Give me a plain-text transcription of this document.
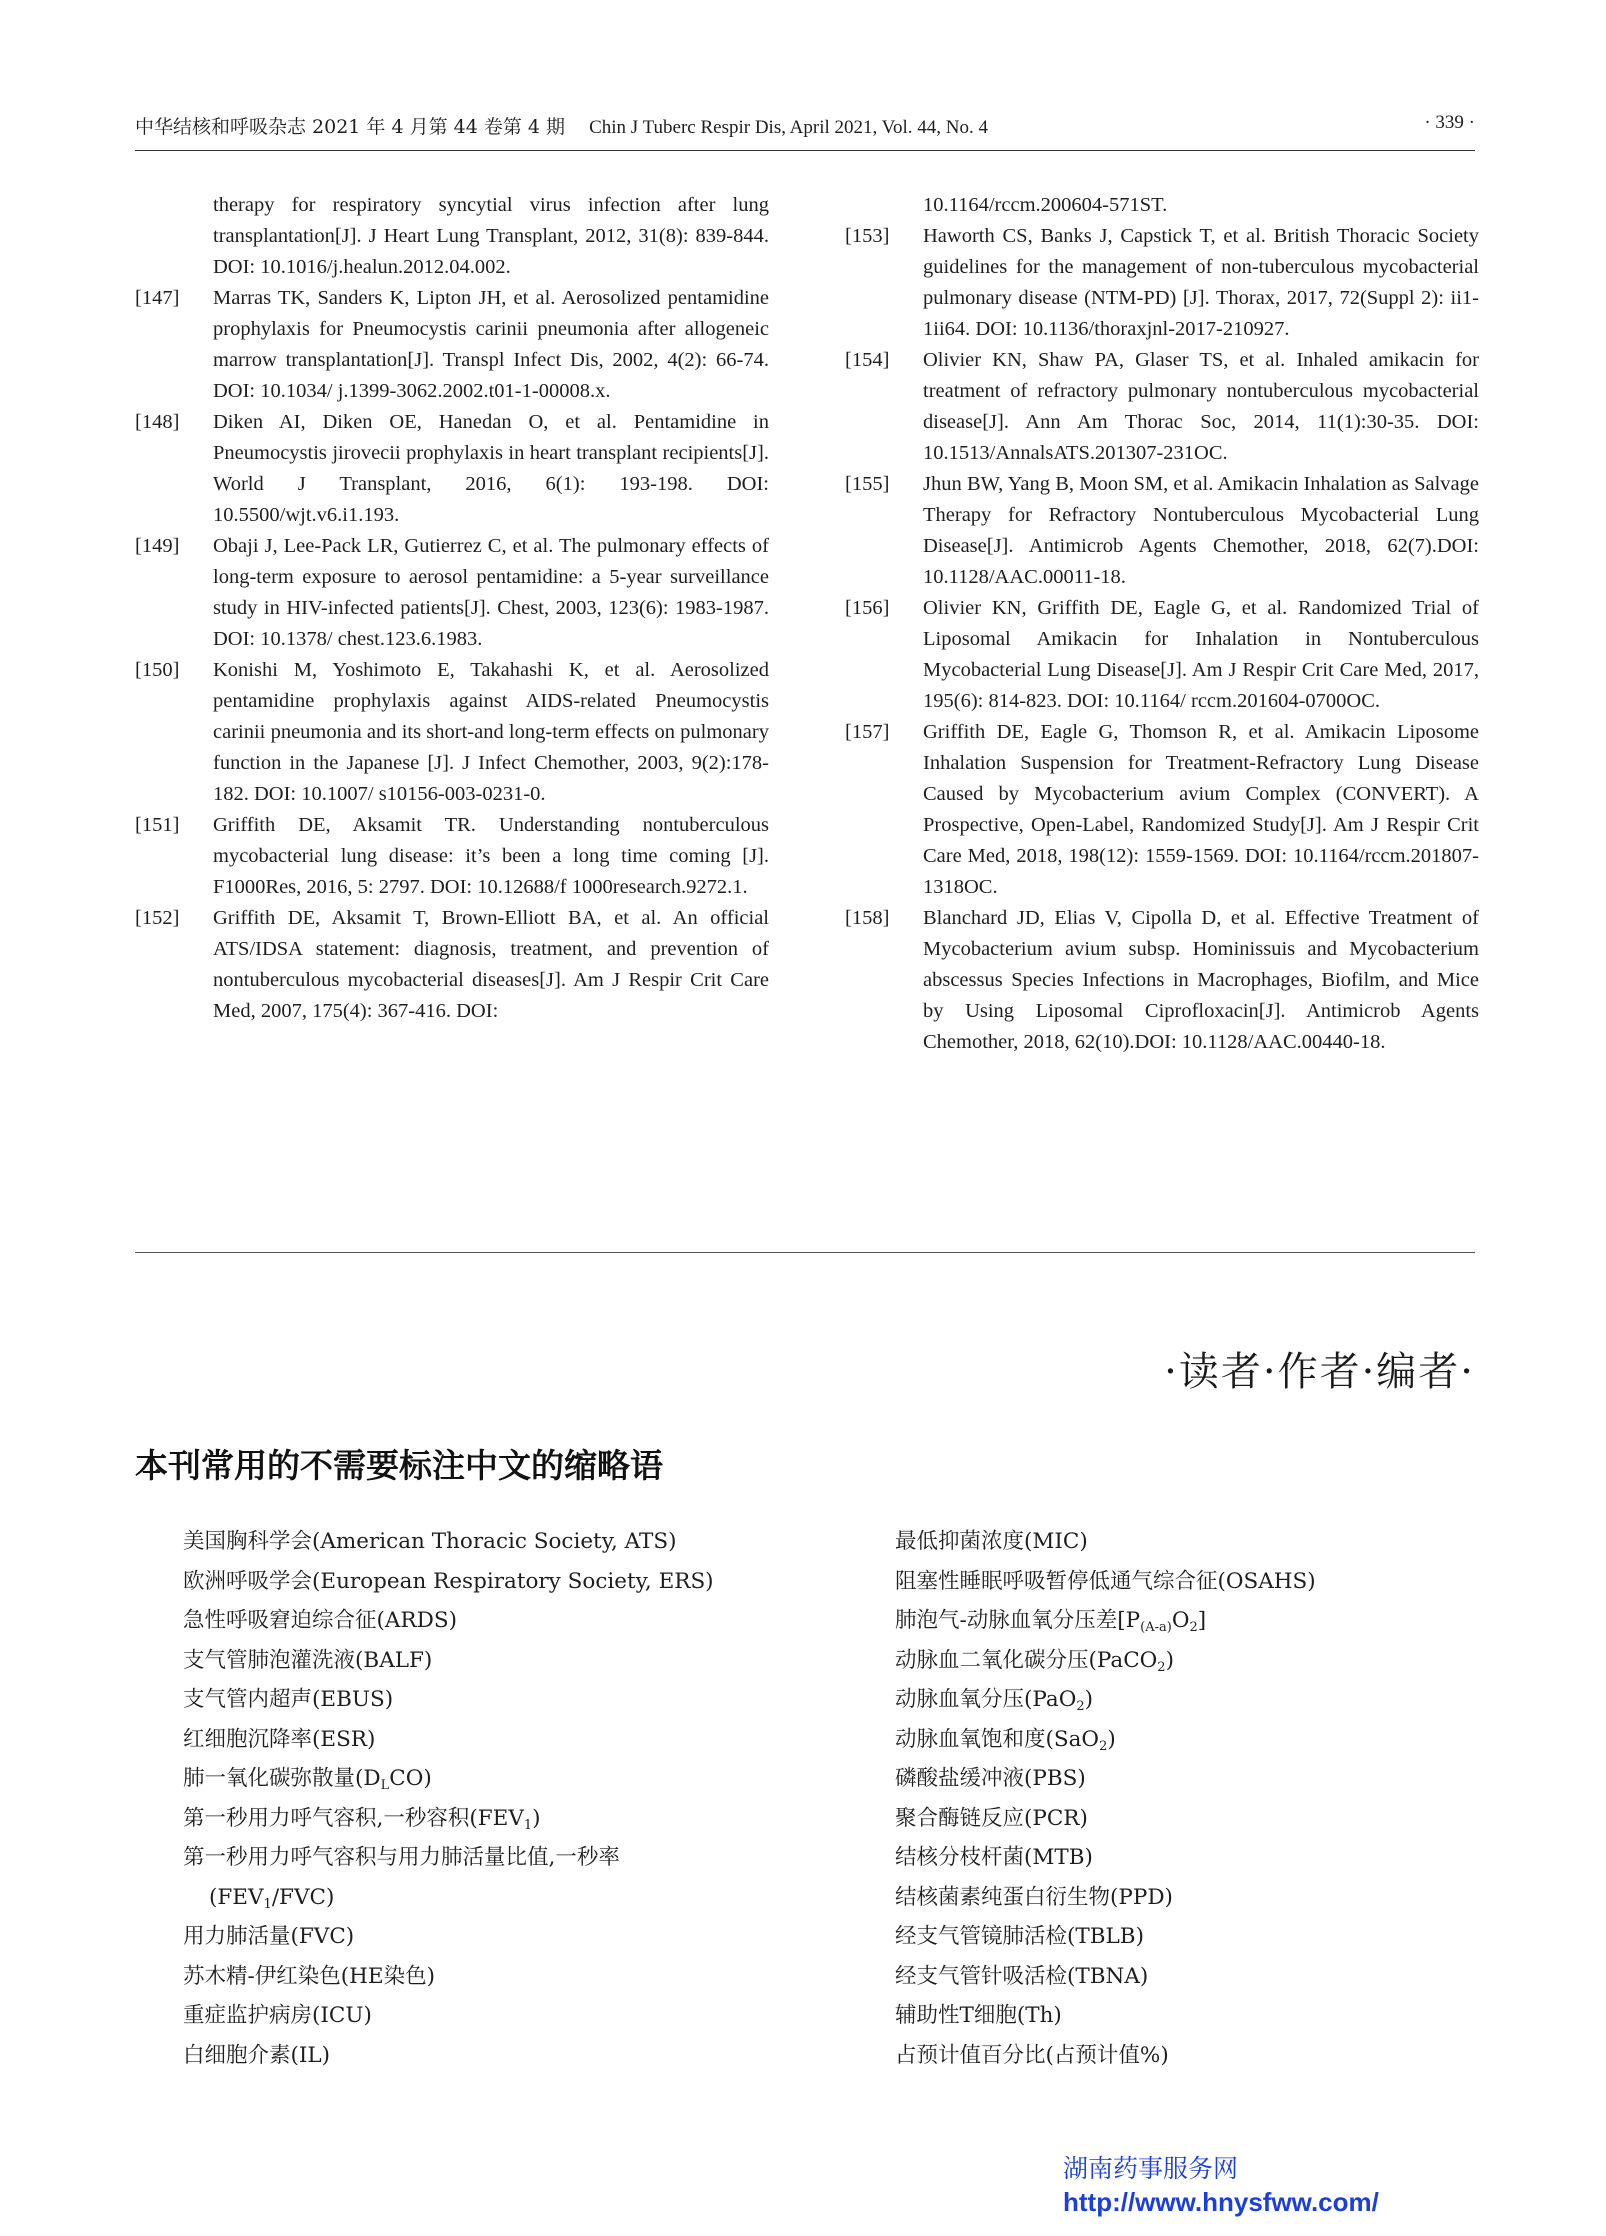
中华结核和呼吸杂志 2021 年 4 月第 44 卷第 4 期 Chin J Tuberc Respir Dis, April 2021, Vol. 44, No. 4	· 339 ·
therapy for respiratory syncytial virus infection after lung transplantation[J]. J Heart Lung Transplant, 2012, 31(8): 839-844. DOI: 10.1016/j.healun.2012.04.002.
[147] Marras TK, Sanders K, Lipton JH, et al. Aerosolized pentamidine prophylaxis for Pneumocystis carinii pneumonia after allogeneic marrow transplantation[J]. Transpl Infect Dis, 2002, 4(2): 66-74. DOI: 10.1034/ j.1399-3062.2002.t01-1-00008.x.
[148] Diken AI, Diken OE, Hanedan O, et al. Pentamidine in Pneumocystis jirovecii prophylaxis in heart transplant recipients[J]. World J Transplant, 2016, 6(1): 193-198. DOI: 10.5500/wjt.v6.i1.193.
[149] Obaji J, Lee-Pack LR, Gutierrez C, et al. The pulmonary effects of long-term exposure to aerosol pentamidine: a 5-year surveillance study in HIV-infected patients[J]. Chest, 2003, 123(6): 1983-1987. DOI: 10.1378/ chest.123.6.1983.
[150] Konishi M, Yoshimoto E, Takahashi K, et al. Aerosolized pentamidine prophylaxis against AIDS-related Pneumocystis carinii pneumonia and its short-and long-term effects on pulmonary function in the Japanese [J]. J Infect Chemother, 2003, 9(2):178-182. DOI: 10.1007/ s10156-003-0231-0.
[151] Griffith DE, Aksamit TR. Understanding nontuberculous mycobacterial lung disease: it’s been a long time coming [J]. F1000Res, 2016, 5: 2797. DOI: 10.12688/f 1000research.9272.1.
[152] Griffith DE, Aksamit T, Brown-Elliott BA, et al. An official ATS/IDSA statement: diagnosis, treatment, and prevention of nontuberculous mycobacterial diseases[J]. Am J Respir Crit Care Med, 2007, 175(4): 367-416. DOI:
10.1164/rccm.200604-571ST.
[153] Haworth CS, Banks J, Capstick T, et al. British Thoracic Society guidelines for the management of non-tuberculous mycobacterial pulmonary disease (NTM-PD) [J]. Thorax, 2017, 72(Suppl 2): ii1-1ii64. DOI: 10.1136/thoraxjnl-2017-210927.
[154] Olivier KN, Shaw PA, Glaser TS, et al. Inhaled amikacin for treatment of refractory pulmonary nontuberculous mycobacterial disease[J]. Ann Am Thorac Soc, 2014, 11(1):30-35. DOI: 10.1513/AnnalsATS.201307-231OC.
[155] Jhun BW, Yang B, Moon SM, et al. Amikacin Inhalation as Salvage Therapy for Refractory Nontuberculous Mycobacterial Lung Disease[J]. Antimicrob Agents Chemother, 2018, 62(7).DOI: 10.1128/AAC.00011-18.
[156] Olivier KN, Griffith DE, Eagle G, et al. Randomized Trial of Liposomal Amikacin for Inhalation in Nontuberculous Mycobacterial Lung Disease[J]. Am J Respir Crit Care Med, 2017, 195(6): 814-823. DOI: 10.1164/ rccm.201604-0700OC.
[157] Griffith DE, Eagle G, Thomson R, et al. Amikacin Liposome Inhalation Suspension for Treatment-Refractory Lung Disease Caused by Mycobacterium avium Complex (CONVERT). A Prospective, Open-Label, Randomized Study[J]. Am J Respir Crit Care Med, 2018, 198(12): 1559-1569. DOI: 10.1164/rccm.201807-1318OC.
[158] Blanchard JD, Elias V, Cipolla D, et al. Effective Treatment of Mycobacterium avium subsp. Hominissuis and Mycobacterium abscessus Species Infections in Macrophages, Biofilm, and Mice by Using Liposomal Ciprofloxacin[J]. Antimicrob Agents Chemother, 2018, 62(10).DOI: 10.1128/AAC.00440-18.
·读者·作者·编者·
本刊常用的不需要标注中文的缩略语
美国胸科学会(American Thoracic Society, ATS)
欧洲呼吸学会(European Respiratory Society, ERS)
急性呼吸窘迫综合征(ARDS)
支气管肺泡灌洗液(BALF)
支气管内超声(EBUS)
红细胞沉降率(ESR)
肺一氧化碳弥散量$(D_LCO)$
第一秒用力呼气容积,一秒容积$(FEV_1)$
第一秒用力呼气容积与用力肺活量比值,一秒率
$(FEV_1/FVC)$
用力肺活量(FVC)
苏木精-伊红染色(HE染色)
重症监护病房(ICU)
白细胞介素(IL)
最低抑菌浓度(MIC)
阻塞性睡眠呼吸暂停低通气综合征(OSAHS)
肺泡气-动脉血氧分压差$[P_{(A-a)}O_2]$
动脉血二氧化碳分压(PaCO$_2$)
动脉血氧分压(PaO$_2$)
动脉血氧饱和度(SaO$_2$)
磷酸盐缓冲液(PBS)
聚合酶链反应(PCR)
结核分枝杆菌(MTB)
结核菌素纯蛋白衍生物(PPD)
经支气管镜肺活检(TBLB)
经支气管针吸活检(TBNA)
辅助性T细胞(Th)
占预计值百分比(占预计值%)
湖南药事服务网
http://www.hnysfww.com/
